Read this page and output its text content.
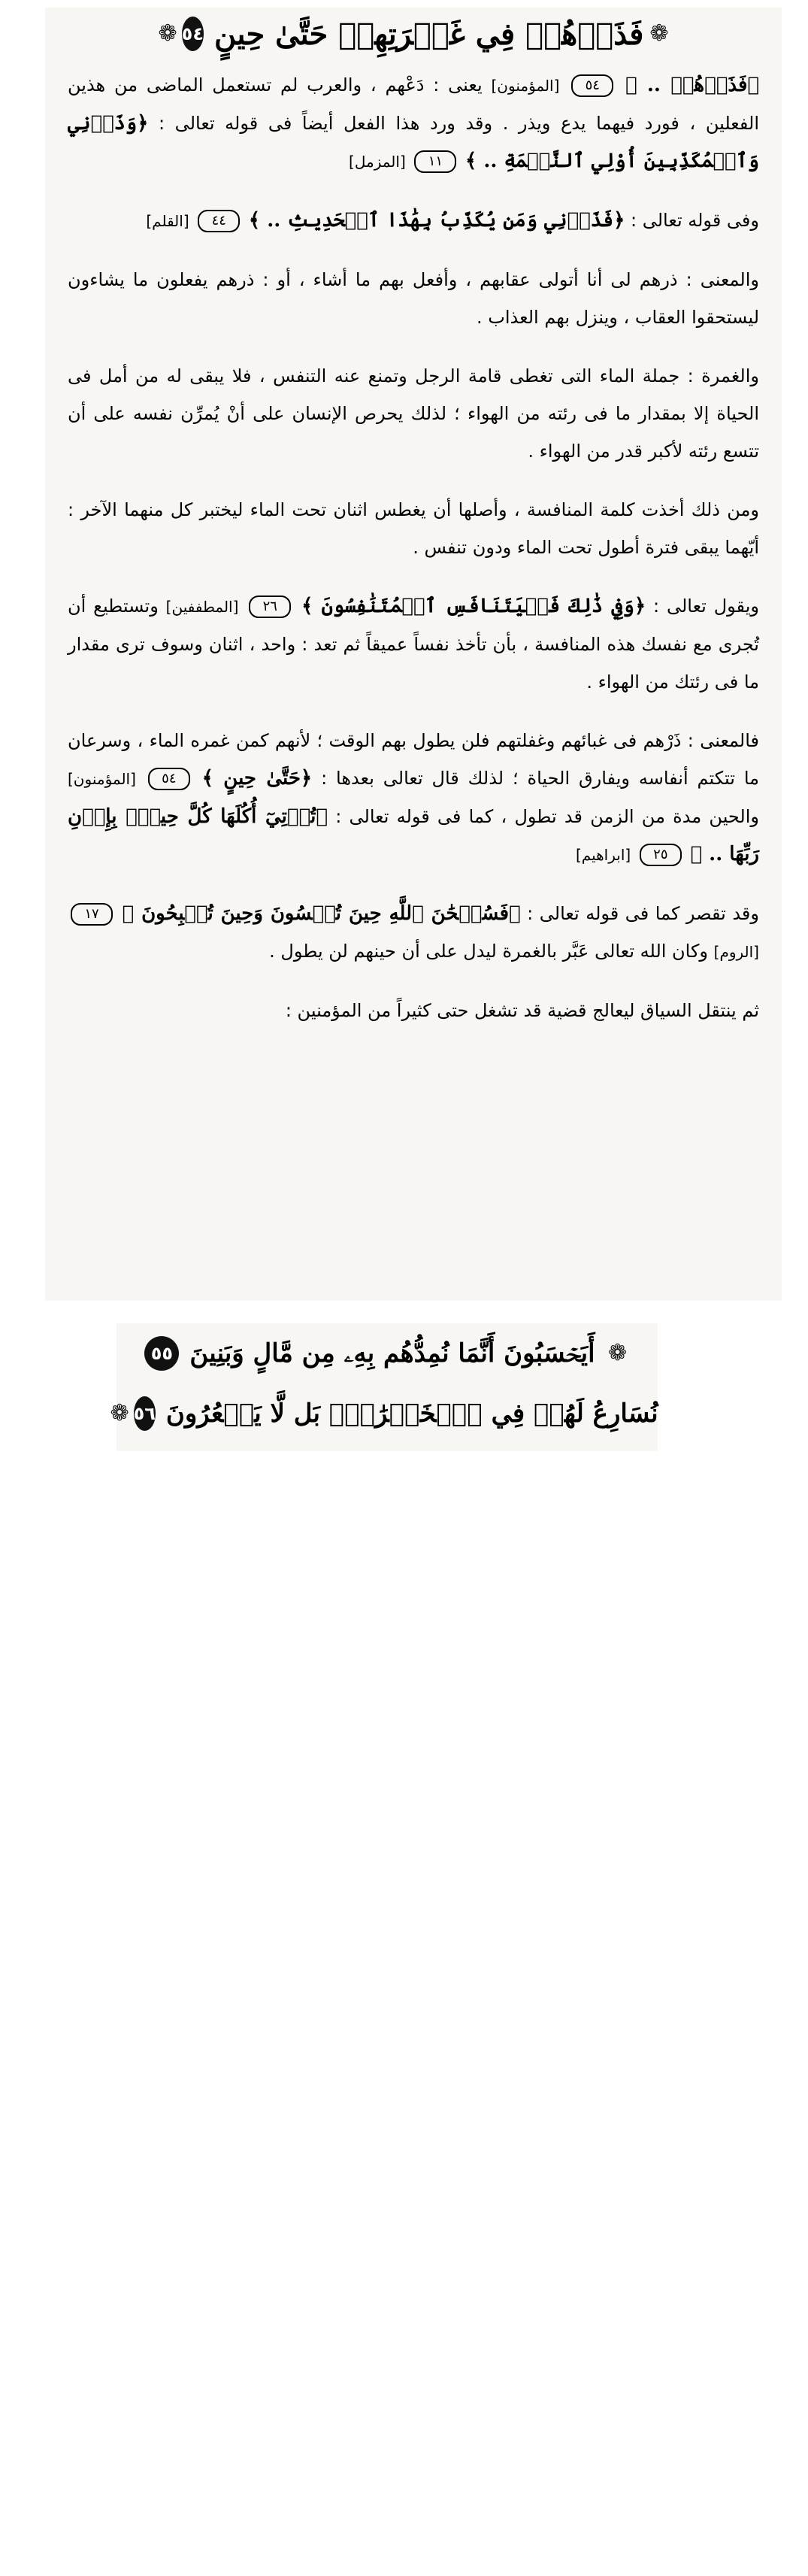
❁
فَذَرۡهُمۡ فِي غَمۡرَتِهِمۡ حَتَّىٰ حِينٍ
٥٤
❁
﴿فَذَرۡهُمۡ .. ﴾ ٥٤ [المؤمنون] يعنى : دَعْهم ، والعرب لم تستعمل الماضى من هذين الفعلين ، فورد فيهما يدع ويذر . وقد ورد هذا الفعل أيضاً فى قوله تعالى : ﴿وَذَرۡنِي وَٱلۡمُكَذِّبِينَ أُوْلِي ٱلنَّعۡمَةِ .. ﴾ ١١ [المزمل]
وفى قوله تعالى : ﴿فَذَرۡنِي وَمَن يُكَذِّبُ بِهَٰذَا ٱلۡحَدِيثِ .. ﴾ ٤٤ [القلم]
والمعنى : ذرهم لى أنا أتولى عقابهم ، وأفعل بهم ما أشاء ، أو : ذرهم يفعلون ما يشاءون ليستحقوا العقاب ، وينزل بهم العذاب .
والغمرة : جملة الماء التى تغطى قامة الرجل وتمنع عنه التنفس ، فلا يبقى له من أمل فى الحياة إلا بمقدار ما فى رئته من الهواء ؛ لذلك يحرص الإنسان على أنْ يُمرِّن نفسه على أن تتسع رئته لأكبر قدر من الهواء .
ومن ذلك أخذت كلمة المنافسة ، وأصلها أن يغطس اثنان تحت الماء ليختبر كل منهما الآخر : أيّهما يبقى فترة أطول تحت الماء ودون تنفس .
ويقول تعالى : ﴿وَفِي ذَٰلِكَ فَلۡيَتَنَافَسِ ٱلۡمُتَنَٰفِسُونَ ﴾ ٢٦ [المطففين] وتستطيع أن تُجرى مع نفسك هذه المنافسة ، بأن تأخذ نفساً عميقاً ثم تعد : واحد ، اثنان وسوف ترى مقدار ما فى رئتك من الهواء .
فالمعنى : ذَرْهم فى غبائهم وغفلتهم فلن يطول بهم الوقت ؛ لأنهم كمن غمره الماء ، وسرعان ما تتكتم أنفاسه ويفارق الحياة ؛ لذلك قال تعالى بعدها : ﴿حَتَّىٰ حِينٍ ﴾ ٥٤ [المؤمنون] والحين مدة من الزمن قد تطول ، كما فى قوله تعالى : ﴿تُؤۡتِيٓ أُكُلَهَا كُلَّ حِينِۢ بِإِذۡنِ رَبِّهَا .. ﴾ ٢٥ [ابراهيم]
وقد تقصر كما فى قوله تعالى : ﴿فَسُبۡحَٰنَ ٱللَّهِ حِينَ تُمۡسُونَ وَحِينَ تُصۡبِحُونَ ﴾ ١٧ [الروم] وكان الله تعالى عَبَّر بالغمرة ليدل على أن حينهم لن يطول .
ثم ينتقل السياق ليعالج قضية قد تشغل حتى كثيراً من المؤمنين :
❁
أَيَحۡسَبُونَ أَنَّمَا نُمِدُّهُم بِهِۦ مِن مَّالٍ وَبَنِينَ
٥٥
نُسَارِعُ لَهُمۡ فِي ٱلۡخَيۡرَٰتِۚ بَل لَّا يَشۡعُرُونَ
٥٦
❁
